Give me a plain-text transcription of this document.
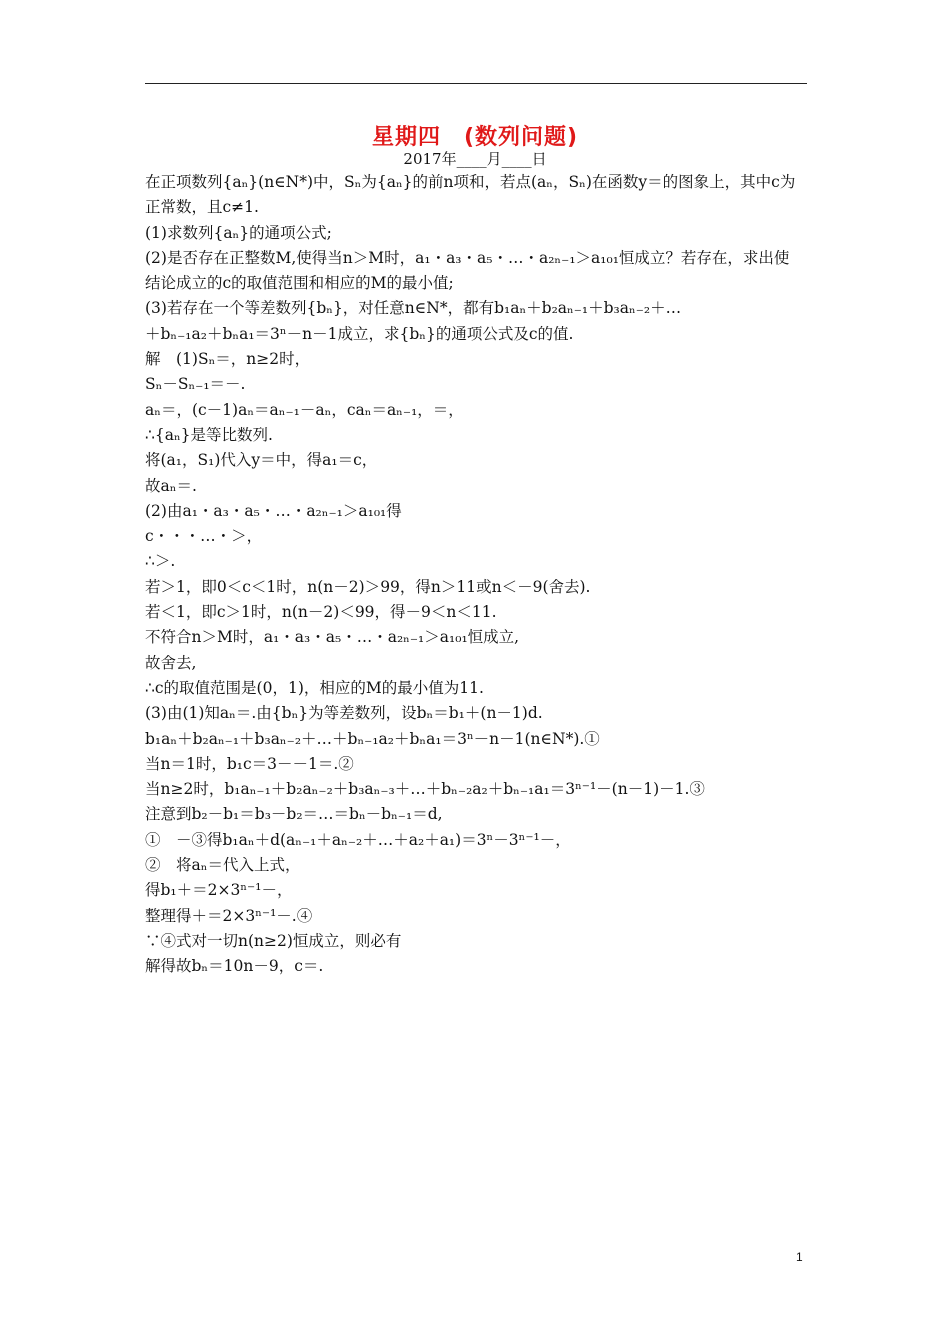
星期四　(数列问题)
2017年____月____日

在正项数列{aₙ}(n∈N*)中，Sₙ为{aₙ}的前n项和，若点(aₙ，Sₙ)在函数y＝的图象上，其中c为

正常数，且c≠1.

(1)求数列{aₙ}的通项公式;

(2)是否存在正整数M,使得当n＞M时，a₁・a₃・a₅・…・a₂ₙ₋₁＞a₁₀₁恒成立？若存在，求出使

结论成立的c的取值范围和相应的M的最小值;

(3)若存在一个等差数列{bₙ}，对任意n∈N*，都有b₁aₙ＋b₂aₙ₋₁＋b₃aₙ₋₂＋…

＋bₙ₋₁a₂＋bₙa₁＝3ⁿ－n－1成立，求{bₙ}的通项公式及c的值.

解　(1)Sₙ＝，n≥2时，

Sₙ－Sₙ₋₁＝－.

aₙ＝，(c－1)aₙ＝aₙ₋₁－aₙ，caₙ＝aₙ₋₁，＝，

∴{aₙ}是等比数列.

将(a₁，S₁)代入y＝中，得a₁＝c，

故aₙ＝.

(2)由a₁・a₃・a₅・…・a₂ₙ₋₁＞a₁₀₁得

c・・・…・＞，

∴＞.

若＞1，即0＜c＜1时，n(n－2)＞99，得n＞11或n＜－9(舍去).

若＜1，即c＞1时，n(n－2)＜99，得－9＜n＜11.

不符合n＞M时，a₁・a₃・a₅・…・a₂ₙ₋₁＞a₁₀₁恒成立,

故舍去,

∴c的取值范围是(0，1)，相应的M的最小值为11.

(3)由(1)知aₙ＝.由{bₙ}为等差数列，设bₙ＝b₁＋(n－1)d.

b₁aₙ＋b₂aₙ₋₁＋b₃aₙ₋₂＋…＋bₙ₋₁a₂＋bₙa₁＝3ⁿ－n－1(n∈N*).①

当n＝1时，b₁c＝3－－1＝.②

当n≥2时，b₁aₙ₋₁＋b₂aₙ₋₂＋b₃aₙ₋₃＋…＋bₙ₋₂a₂＋bₙ₋₁a₁＝3ⁿ⁻¹－(n－1)－1.③

注意到b₂－b₁＝b₃－b₂＝…＝bₙ－bₙ₋₁＝d,

①　－③得b₁aₙ＋d(aₙ₋₁＋aₙ₋₂＋…＋a₂＋a₁)＝3ⁿ－3ⁿ⁻¹－，

②　将aₙ＝代入上式，

得b₁＋＝2×3ⁿ⁻¹－，

整理得＋＝2×3ⁿ⁻¹－.④

∵④式对一切n(n≥2)恒成立，则必有

解得故bₙ＝10n－9，c＝.

1
